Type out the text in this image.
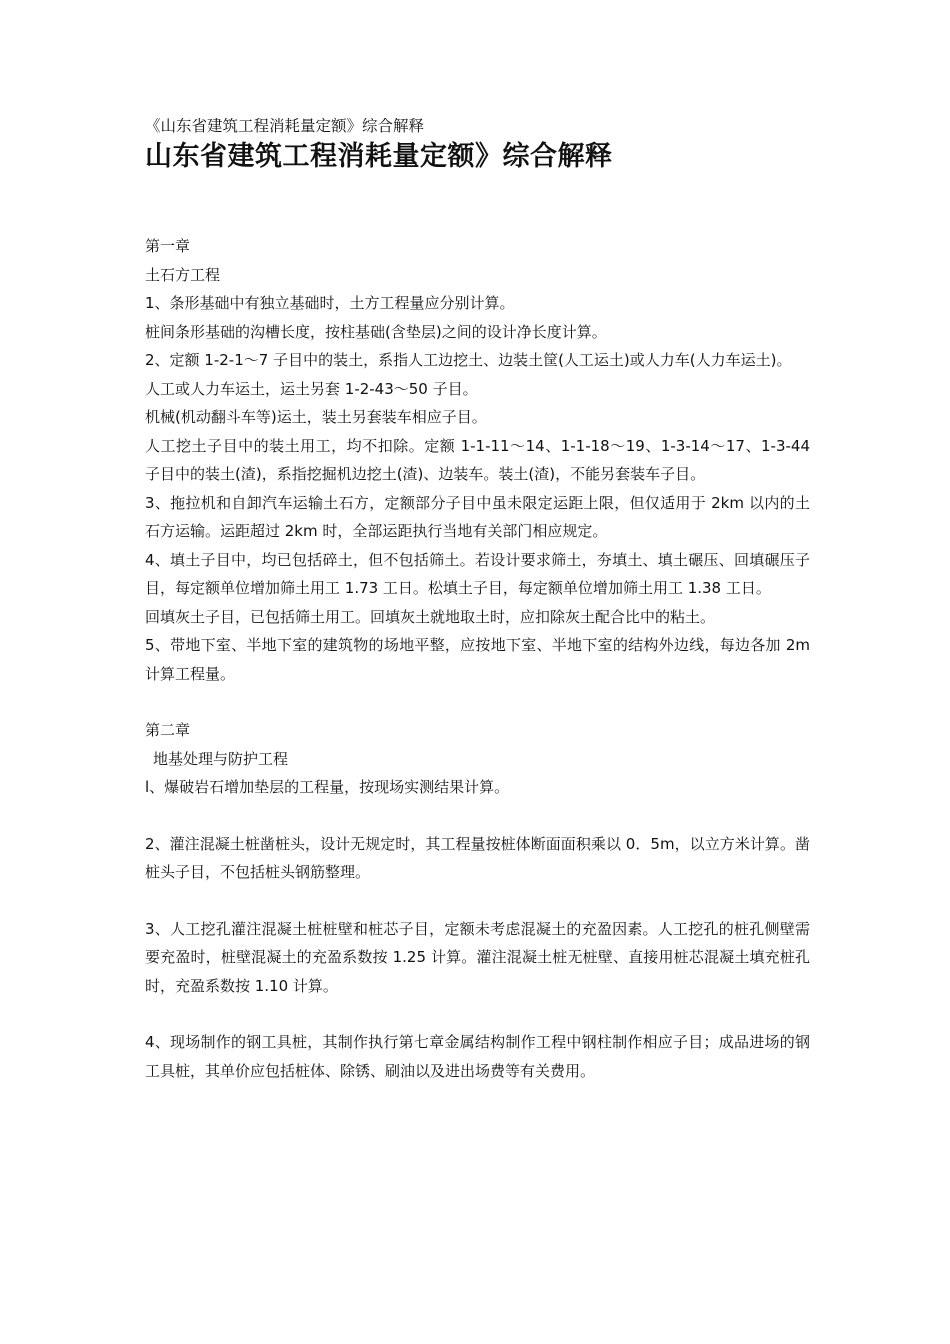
《山东省建筑工程消耗量定额》综合解释

山东省建筑工程消耗量定额》综合解释

第一章

土石方工程

1、条形基础中有独立基础时，土方工程量应分别计算。

桩间条形基础的沟槽长度，按柱基础(含垫层)之间的设计净长度计算。

2、定额 1-2-1～7 子目中的装土，系指人工边挖土、边装土筐(人工运土)或人力车(人力车运土)。

人工或人力车运土，运土另套 1-2-43～50 子目。

机械(机动翻斗车等)运土，装土另套装车相应子目。

人工挖土子目中的装土用工，均不扣除。定额 1-1-11～14、1-1-18～19、1-3-14～17、1-3-44 子目中的装土(渣)，系指挖掘机边挖土(渣)、边装车。装土(渣)，不能另套装车子目。

3、拖拉机和自卸汽车运输土石方，定额部分子目中虽未限定运距上限，但仅适用于 2km 以内的土石方运输。运距超过 2km 时，全部运距执行当地有关部门相应规定。

4、填土子目中，均已包括碎土，但不包括筛土。若设计要求筛土，夯填土、填土碾压、回填碾压子目，每定额单位增加筛土用工 1.73 工日。松填土子目，每定额单位增加筛土用工 1.38 工日。

回填灰土子目，已包括筛土用工。回填灰土就地取土时，应扣除灰土配合比中的粘土。

5、带地下室、半地下室的建筑物的场地平整，应按地下室、半地下室的结构外边线，每边各加 2m 计算工程量。

第二章

地基处理与防护工程

l、爆破岩石增加垫层的工程量，按现场实测结果计算。

2、灌注混凝土桩凿桩头，设计无规定时，其工程量按桩体断面面积乘以 0．5m，以立方米计算。凿桩头子目，不包括桩头钢筋整理。

3、人工挖孔灌注混凝土桩桩壁和桩芯子目，定额未考虑混凝土的充盈因素。人工挖孔的桩孔侧壁需要充盈时，桩壁混凝土的充盈系数按 1.25 计算。灌注混凝土桩无桩壁、直接用桩芯混凝土填充桩孔时，充盈系数按 1.10 计算。

4、现场制作的钢工具桩，其制作执行第七章金属结构制作工程中钢柱制作相应子目；成品进场的钢工具桩，其单价应包括桩体、除锈、刷油以及进出场费等有关费用。
